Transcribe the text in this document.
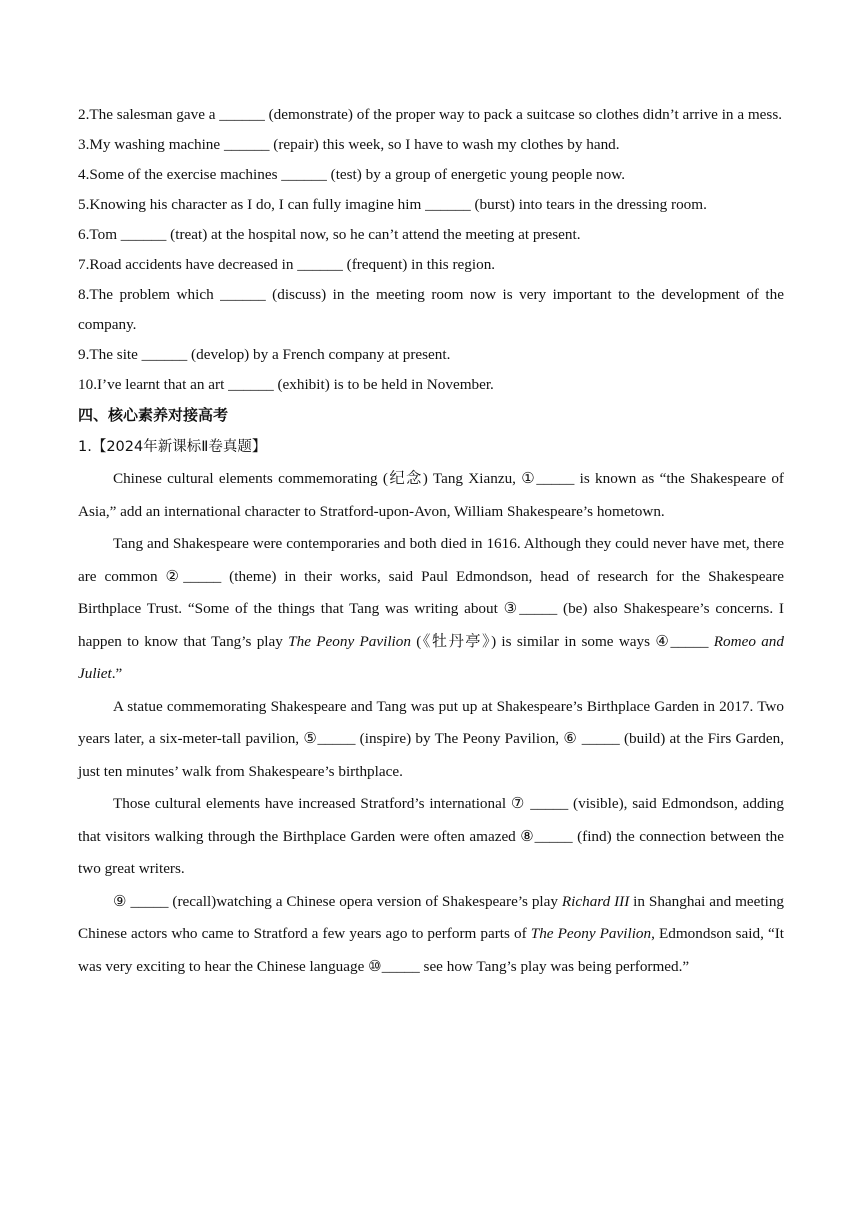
2.The salesman gave a ______ (demonstrate) of the proper way to pack a suitcase so clothes didn’t arrive in a mess.

3.My washing machine ______ (repair) this week, so I have to wash my clothes by hand.

4.Some of the exercise machines ______ (test) by a group of energetic young people now.

5.Knowing his character as I do, I can fully imagine him ______ (burst) into tears in the dressing room.

6.Tom ______ (treat) at the hospital now, so he can’t attend the meeting at present.

7.Road accidents have decreased in ______ (frequent) in this region.

8.The problem which ______ (discuss) in the meeting room now is very important to the development of the company.

9.The site ______ (develop) by a French company at present.

10.I’ve learnt that an art ______ (exhibit) is to be held in November.

四、核心素养对接高考

1.【2024年新课标Ⅱ卷真题】

Chinese cultural elements commemorating (纪念) Tang Xianzu, ①_____ is known as “the Shakespeare of Asia,” add an international character to Stratford-upon-Avon, William Shakespeare’s hometown.

Tang and Shakespeare were contemporaries and both died in 1616. Although they could never have met, there are common ②_____ (theme) in their works, said Paul Edmondson, head of research for the Shakespeare Birthplace Trust. “Some of the things that Tang was writing about ③_____ (be) also Shakespeare’s concerns. I happen to know that Tang’s play The Peony Pavilion (《牡丹亭》) is similar in some ways ④_____ Romeo and Juliet.”

A statue commemorating Shakespeare and Tang was put up at Shakespeare’s Birthplace Garden in 2017. Two years later, a six-meter-tall pavilion, ⑤_____ (inspire) by The Peony Pavilion, ⑥ _____ (build) at the Firs Garden, just ten minutes’ walk from Shakespeare’s birthplace.

Those cultural elements have increased Stratford’s international ⑦ _____ (visible), said Edmondson, adding that visitors walking through the Birthplace Garden were often amazed ⑧_____ (find) the connection between the two great writers.

⑨ _____ (recall)watching a Chinese opera version of Shakespeare’s play Richard III in Shanghai and meeting Chinese actors who came to Stratford a few years ago to perform parts of The Peony Pavilion, Edmondson said, “It was very exciting to hear the Chinese language ⑩_____ see how Tang’s play was being performed.”
